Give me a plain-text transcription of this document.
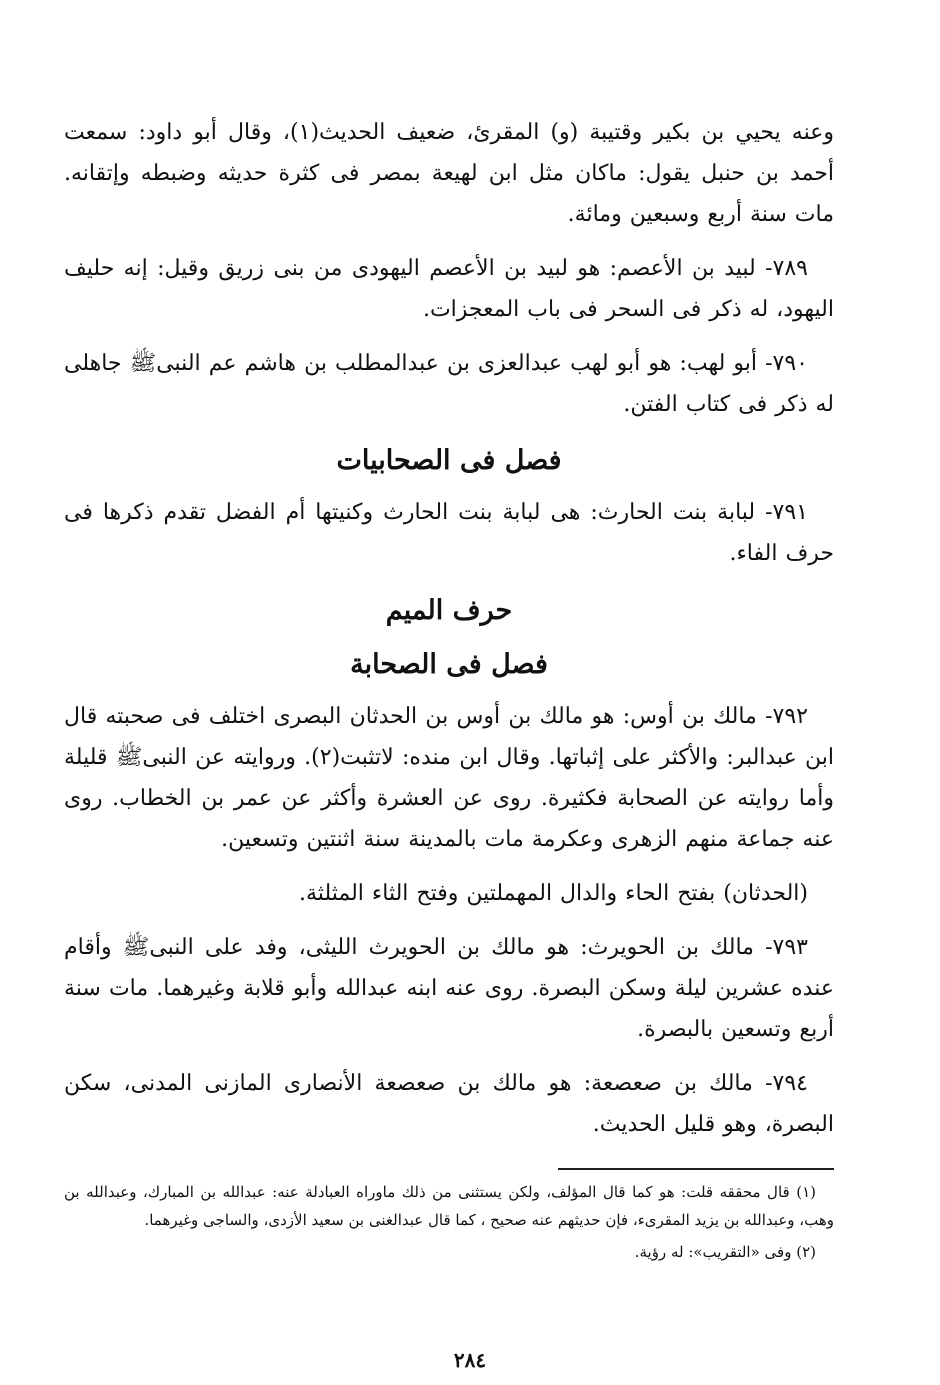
وعنه يحيي بن بكير وقتيبة (و) المقرئ، ضعيف الحديث(١)، وقال أبو داود: سمعت أحمد بن حنبل يقول: ماكان مثل ابن لهيعة بمصر فى كثرة حديثه وضبطه وإتقانه. مات سنة أربع وسبعين ومائة.

٧٨٩- لبيد بن الأعصم: هو لبيد بن الأعصم اليهودى من بنى زريق وقيل: إنه حليف اليهود، له ذكر فى السحر فى باب المعجزات.

٧٩٠- أبو لهب: هو أبو لهب عبدالعزى بن عبدالمطلب بن هاشم عم النبىﷺ جاهلى له ذكر فى كتاب الفتن.

فصل فى الصحابيات

٧٩١- لبابة بنت الحارث: هى لبابة بنت الحارث وكنيتها أم الفضل تقدم ذكرها فى حرف الفاء.

حرف الميم
فصل فى الصحابة

٧٩٢- مالك بن أوس: هو مالك بن أوس بن الحدثان البصرى اختلف فى صحبته قال ابن عبدالبر: والأكثر على إثباتها. وقال ابن منده: لاتثبت(٢). وروايته عن النبىﷺ قليلة وأما روايته عن الصحابة فكثيرة. روى عن العشرة وأكثر عن عمر بن الخطاب. روى عنه جماعة منهم الزهرى وعكرمة مات بالمدينة سنة اثنتين وتسعين.

(الحدثان) بفتح الحاء والدال المهملتين وفتح الثاء المثلثة.

٧٩٣- مالك بن الحويرث: هو مالك بن الحويرث الليثى، وفد على النبىﷺ وأقام عنده عشرين ليلة وسكن البصرة. روى عنه ابنه عبدالله وأبو قلابة وغيرهما. مات سنة أربع وتسعين بالبصرة.

٧٩٤- مالك بن صعصعة: هو مالك بن صعصعة الأنصارى المازنى المدنى، سكن البصرة، وهو قليل الحديث.

(١) قال محققه قلت: هو كما قال المؤلف، ولكن يستثنى من ذلك ماوراه العبادلة عنه: عبدالله بن المبارك، وعبدالله بن وهب، وعبدالله بن يزيد المقرىء، فإن حديثهم عنه صحيح ، كما قال عبدالغنى بن سعيد الأزدى، والساجى وغيرهما.

(٢) وفى «التقريب»: له رؤية.

٢٨٤
